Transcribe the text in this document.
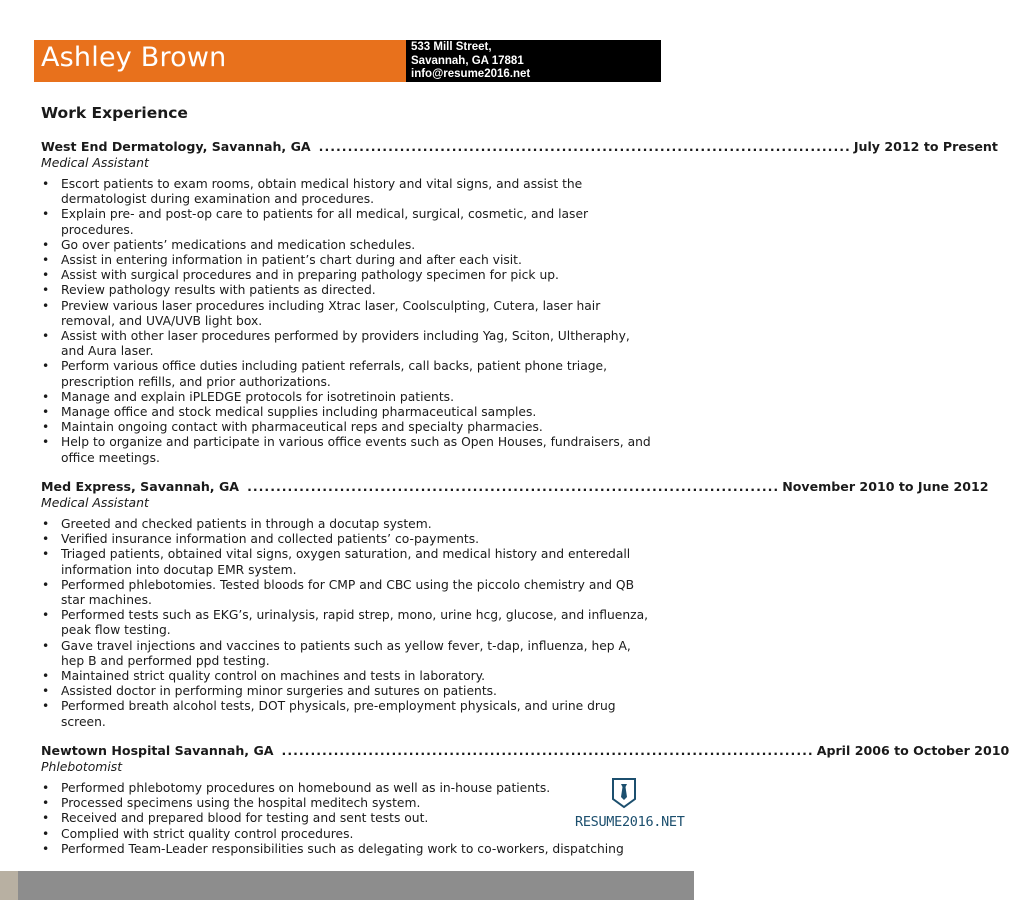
Ashley Brown	533 Mill Street,
Savannah, GA 17881
info@resume2016.net
Work Experience
West End Dermatology, Savannah, GA ............................................................................................ July 2012 to Present
Medical Assistant
• Escort patients to exam rooms, obtain medical history and vital signs, and assist the dermatologist during examination and procedures.
• Explain pre- and post-op care to patients for all medical, surgical, cosmetic, and laser procedures.
• Go over patients’ medications and medication schedules.
• Assist in entering information in patient’s chart during and after each visit.
• Assist with surgical procedures and in preparing pathology specimen for pick up.
• Review pathology results with patients as directed.
• Preview various laser procedures including Xtrac laser, Coolsculpting, Cutera, laser hair removal, and UVA/UVB light box.
• Assist with other laser procedures performed by providers including Yag, Sciton, Ultheraphy, and Aura laser.
• Perform various office duties including patient referrals, call backs, patient phone triage, prescription refills, and prior authorizations.
• Manage and explain iPLEDGE protocols for isotretinoin patients.
• Manage office and stock medical supplies including pharmaceutical samples.
• Maintain ongoing contact with pharmaceutical reps and specialty pharmacies.
• Help to organize and participate in various office events such as Open Houses, fundraisers, and office meetings.
Med Express, Savannah, GA ............................................................................................ November 2010 to June 2012
Medical Assistant
• Greeted and checked patients in through a docutap system.
• Verified insurance information and collected patients’ co-payments.
• Triaged patients, obtained vital signs, oxygen saturation, and medical history and enteredall information into docutap EMR system.
• Performed phlebotomies. Tested bloods for CMP and CBC using the piccolo chemistry and QB star machines.
• Performed tests such as EKG’s, urinalysis, rapid strep, mono, urine hcg, glucose, and influenza, peak flow testing.
• Gave travel injections and vaccines to patients such as yellow fever, t-dap, influenza, hep A, hep B and performed ppd testing.
• Maintained strict quality control on machines and tests in laboratory.
• Assisted doctor in performing minor surgeries and sutures on patients.
• Performed breath alcohol tests, DOT physicals, pre-employment physicals, and urine drug screen.
Newtown Hospital Savannah, GA ............................................................................................ April 2006 to October 2010
Phlebotomist
• Performed phlebotomy procedures on homebound as well as in-house patients.
• Processed specimens using the hospital meditech system.
• Received and prepared blood for testing and sent tests out.
• Complied with strict quality control procedures.
• Performed Team-Leader responsibilities such as delegating work to co-workers, dispatching
RESUME2016.NET
